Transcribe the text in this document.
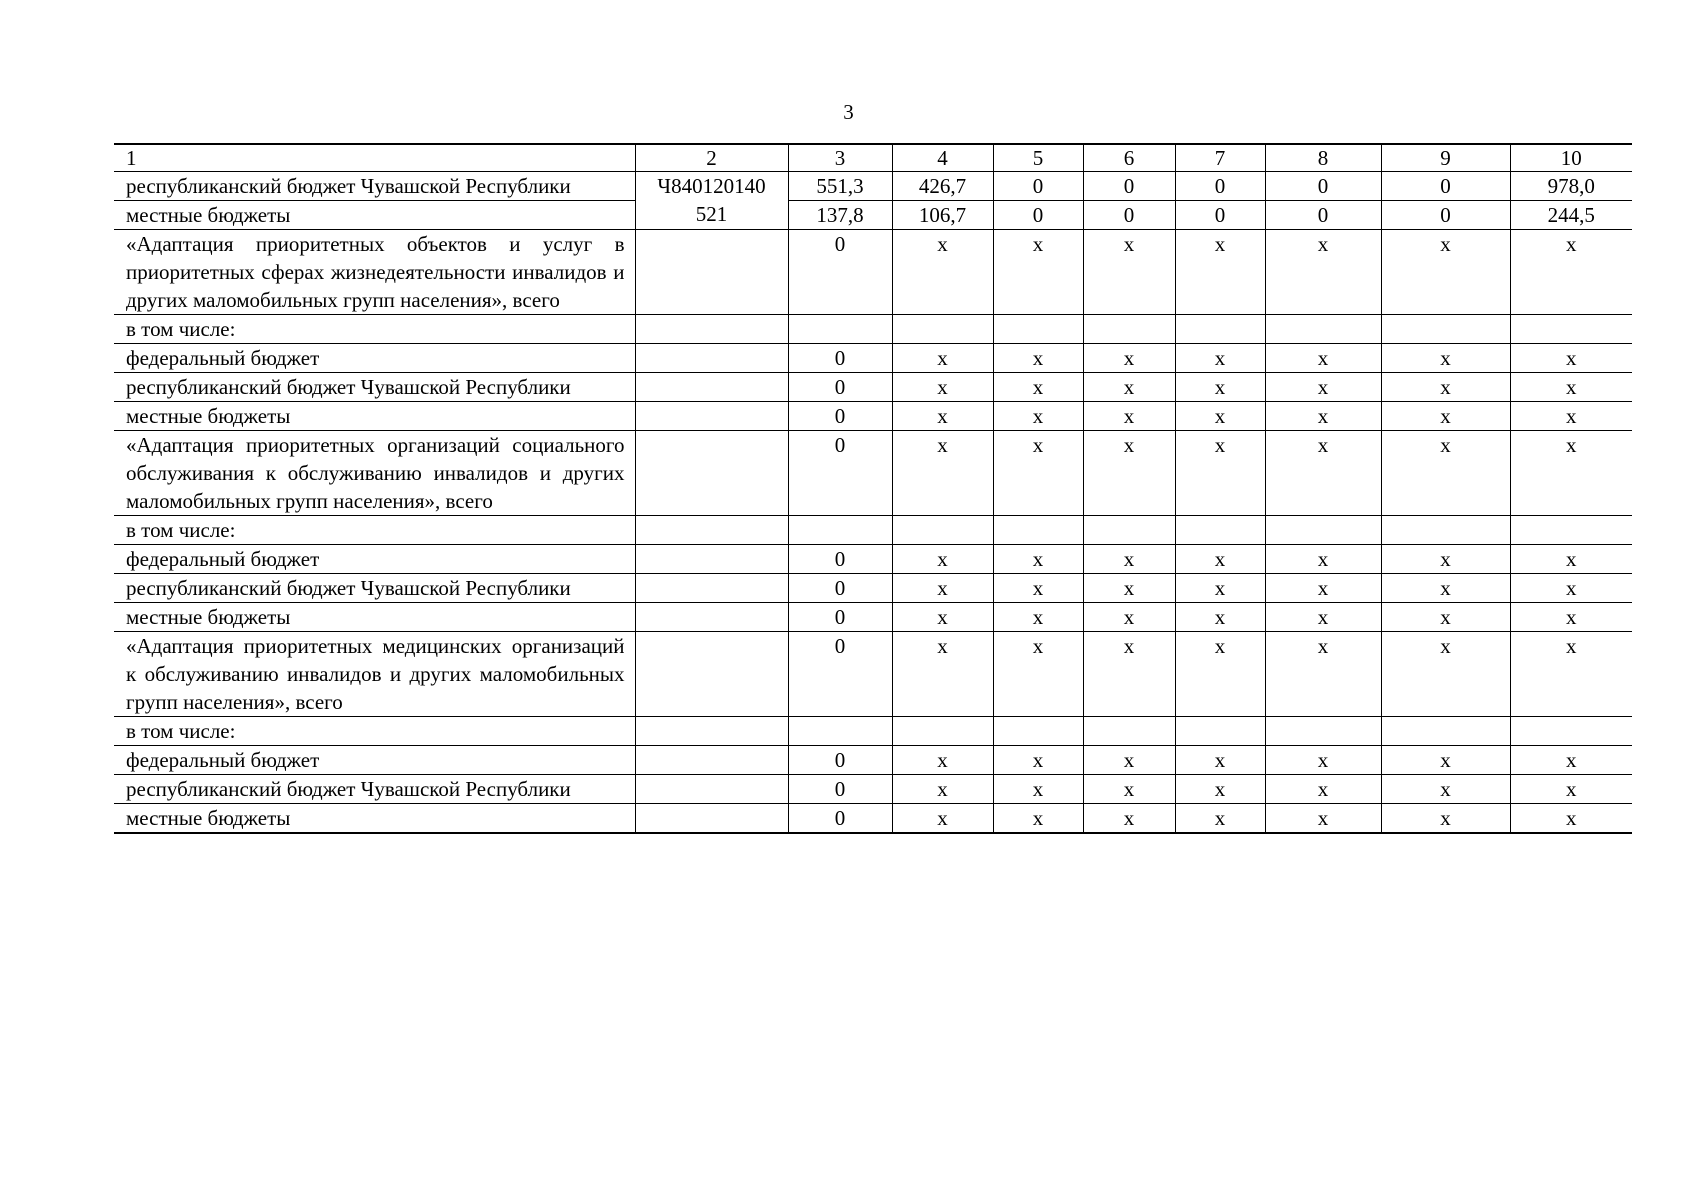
3
1	2	3	4	5	6	7	8	9	10
республиканский бюджет Чувашской Республики	Ч840120140 521	551,3	426,7	0	0	0	0	0	978,0
местные бюджеты		137,8	106,7	0	0	0	0	0	244,5
«Адаптация приоритетных объектов и услуг в приоритетных сферах жизнедеятельности инвалидов и других маломобильных групп населения», всего		0	х	х	х	х	х	х	х
в том числе:									
федеральный бюджет		0	х	х	х	х	х	х	х
республиканский бюджет Чувашской Республики		0	х	х	х	х	х	х	х
местные бюджеты		0	х	х	х	х	х	х	х
«Адаптация приоритетных организаций социального обслуживания к обслуживанию инвалидов и других маломобильных групп населения», всего		0	х	х	х	х	х	х	х
в том числе:									
федеральный бюджет		0	х	х	х	х	х	х	х
республиканский бюджет Чувашской Республики		0	х	х	х	х	х	х	х
местные бюджеты		0	х	х	х	х	х	х	х
«Адаптация приоритетных медицинских организаций к обслуживанию инвалидов и других маломобильных групп населения», всего		0	х	х	х	х	х	х	х
в том числе:									
федеральный бюджет		0	х	х	х	х	х	х	х
республиканский бюджет Чувашской Республики		0	х	х	х	х	х	х	х
местные бюджеты		0	х	х	х	х	х	х	х
